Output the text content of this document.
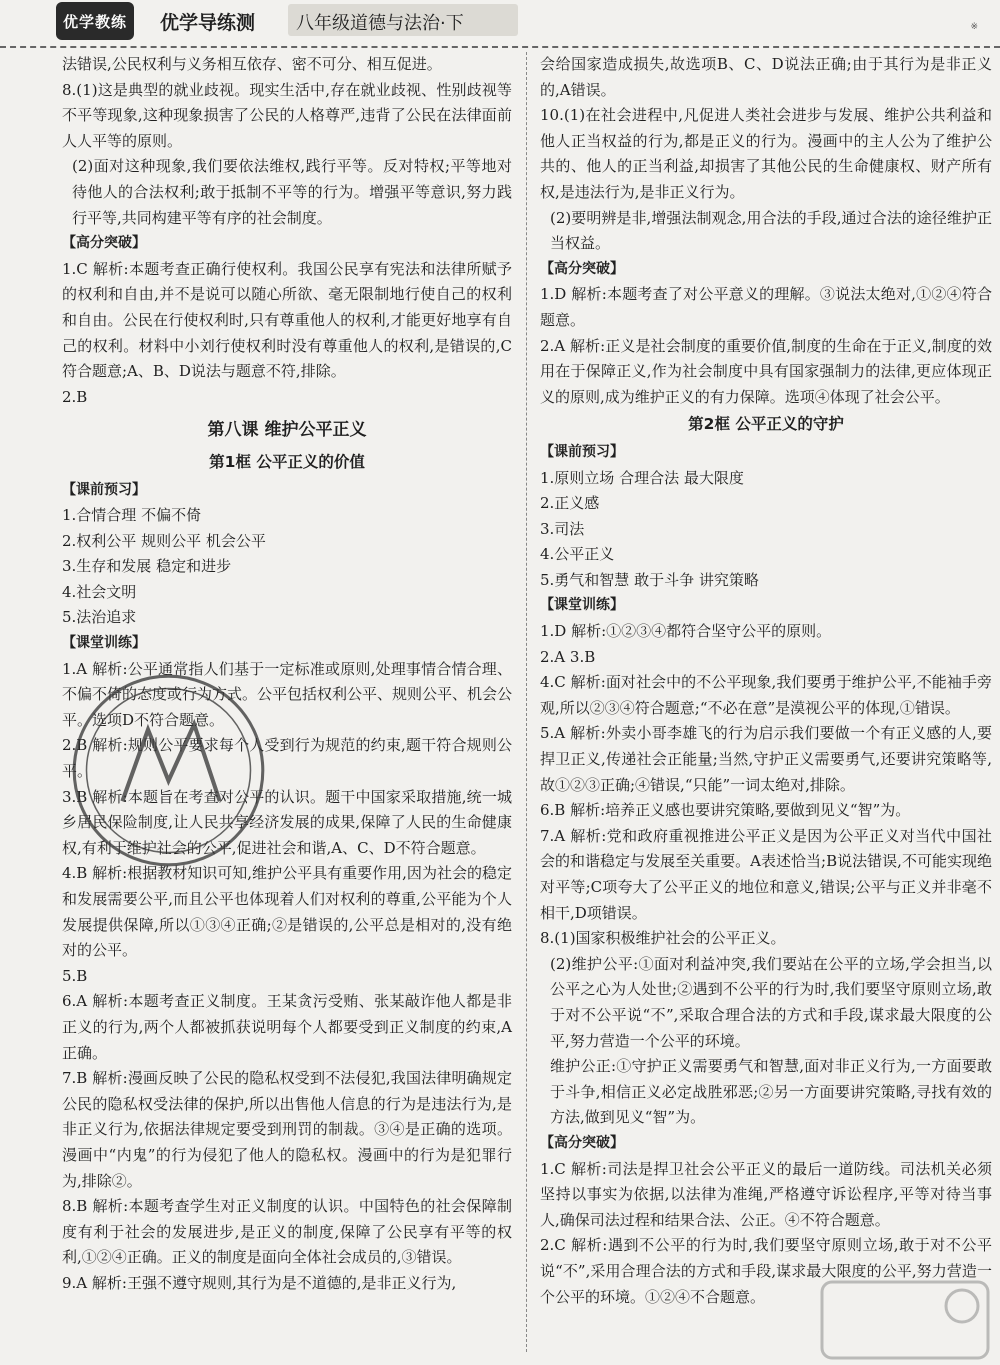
优学教练	优学导练测 八年级道德与法治·下	※

法错误,公民权利与义务相互依存、密不可分、相互促进。

8.(1)这是典型的就业歧视。现实生活中,存在就业歧视、性别歧视等不平等现象,这种现象损害了公民的人格尊严,违背了公民在法律面前人人平等的原则。

(2)面对这种现象,我们要依法维权,践行平等。反对特权;平等地对待他人的合法权利;敢于抵制不平等的行为。增强平等意识,努力践行平等,共同构建平等有序的社会制度。

【高分突破】

1.C 解析:本题考查正确行使权利。我国公民享有宪法和法律所赋予的权利和自由,并不是说可以随心所欲、毫无限制地行使自己的权利和自由。公民在行使权利时,只有尊重他人的权利,才能更好地享有自己的权利。材料中小刘行使权利时没有尊重他人的权利,是错误的,C符合题意;A、B、D说法与题意不符,排除。

2.B

第八课 维护公平正义

第1框 公平正义的价值

【课前预习】

1.合情合理 不偏不倚

2.权利公平 规则公平 机会公平

3.生存和发展 稳定和进步

4.社会文明

5.法治追求

【课堂训练】

1.A 解析:公平通常指人们基于一定标准或原则,处理事情合情合理、不偏不倚的态度或行为方式。公平包括权利公平、规则公平、机会公平。选项D不符合题意。

2.B 解析:规则公平要求每个人受到行为规范的约束,题干符合规则公平。

3.B 解析:本题旨在考查对公平的认识。题干中国家采取措施,统一城乡居民保险制度,让人民共享经济发展的成果,保障了人民的生命健康权,有利于维护社会的公平,促进社会和谐,A、C、D不符合题意。

4.B 解析:根据教材知识可知,维护公平具有重要作用,因为社会的稳定和发展需要公平,而且公平也体现着人们对权利的尊重,公平能为个人发展提供保障,所以①③④正确;②是错误的,公平总是相对的,没有绝对的公平。

5.B

6.A 解析:本题考查正义制度。王某贪污受贿、张某敲诈他人都是非正义的行为,两个人都被抓获说明每个人都要受到正义制度的约束,A正确。

7.B 解析:漫画反映了公民的隐私权受到不法侵犯,我国法律明确规定公民的隐私权受法律的保护,所以出售他人信息的行为是违法行为,是非正义行为,依据法律规定要受到刑罚的制裁。③④是正确的选项。漫画中“内鬼”的行为侵犯了他人的隐私权。漫画中的行为是犯罪行为,排除②。

8.B 解析:本题考查学生对正义制度的认识。中国特色的社会保障制度有利于社会的发展进步,是正义的制度,保障了公民享有平等的权利,①②④正确。正义的制度是面向全体社会成员的,③错误。

9.A 解析:王强不遵守规则,其行为是不道德的,是非正义行为,

会给国家造成损失,故选项B、C、D说法正确;由于其行为是非正义的,A错误。

10.(1)在社会进程中,凡促进人类社会进步与发展、维护公共利益和他人正当权益的行为,都是正义的行为。漫画中的主人公为了维护公共的、他人的正当利益,却损害了其他公民的生命健康权、财产所有权,是违法行为,是非正义行为。

(2)要明辨是非,增强法制观念,用合法的手段,通过合法的途径维护正当权益。

【高分突破】

1.D 解析:本题考查了对公平意义的理解。③说法太绝对,①②④符合题意。

2.A 解析:正义是社会制度的重要价值,制度的生命在于正义,制度的效用在于保障正义,作为社会制度中具有国家强制力的法律,更应体现正义的原则,成为维护正义的有力保障。选项④体现了社会公平。

第2框 公平正义的守护

【课前预习】

1.原则立场 合理合法 最大限度

2.正义感

3.司法

4.公平正义

5.勇气和智慧 敢于斗争 讲究策略

【课堂训练】

1.D 解析:①②③④都符合坚守公平的原则。

2.A 3.B

4.C 解析:面对社会中的不公平现象,我们要勇于维护公平,不能袖手旁观,所以②③④符合题意;“不必在意”是漠视公平的体现,①错误。

5.A 解析:外卖小哥李雄飞的行为启示我们要做一个有正义感的人,要捍卫正义,传递社会正能量;当然,守护正义需要勇气,还要讲究策略等,故①②③正确;④错误,“只能”一词太绝对,排除。

6.B 解析:培养正义感也要讲究策略,要做到见义“智”为。

7.A 解析:党和政府重视推进公平正义是因为公平正义对当代中国社会的和谐稳定与发展至关重要。A表述恰当;B说法错误,不可能实现绝对平等;C项夸大了公平正义的地位和意义,错误;公平与正义并非毫不相干,D项错误。

8.(1)国家积极维护社会的公平正义。

(2)维护公平:①面对利益冲突,我们要站在公平的立场,学会担当,以公平之心为人处世;②遇到不公平的行为时,我们要坚守原则立场,敢于对不公平说“不”,采取合理合法的方式和手段,谋求最大限度的公平,努力营造一个公平的环境。

维护公正:①守护正义需要勇气和智慧,面对非正义行为,一方面要敢于斗争,相信正义必定战胜邪恶;②另一方面要讲究策略,寻找有效的方法,做到见义“智”为。

【高分突破】

1.C 解析:司法是捍卫社会公平正义的最后一道防线。司法机关必须坚持以事实为依据,以法律为准绳,严格遵守诉讼程序,平等对待当事人,确保司法过程和结果合法、公正。④不符合题意。

2.C 解析:遇到不公平的行为时,我们要坚守原则立场,敢于对不公平说“不”,采用合理合法的方式和手段,谋求最大限度的公平,努力营造一个公平的环境。①②④不合题意。
